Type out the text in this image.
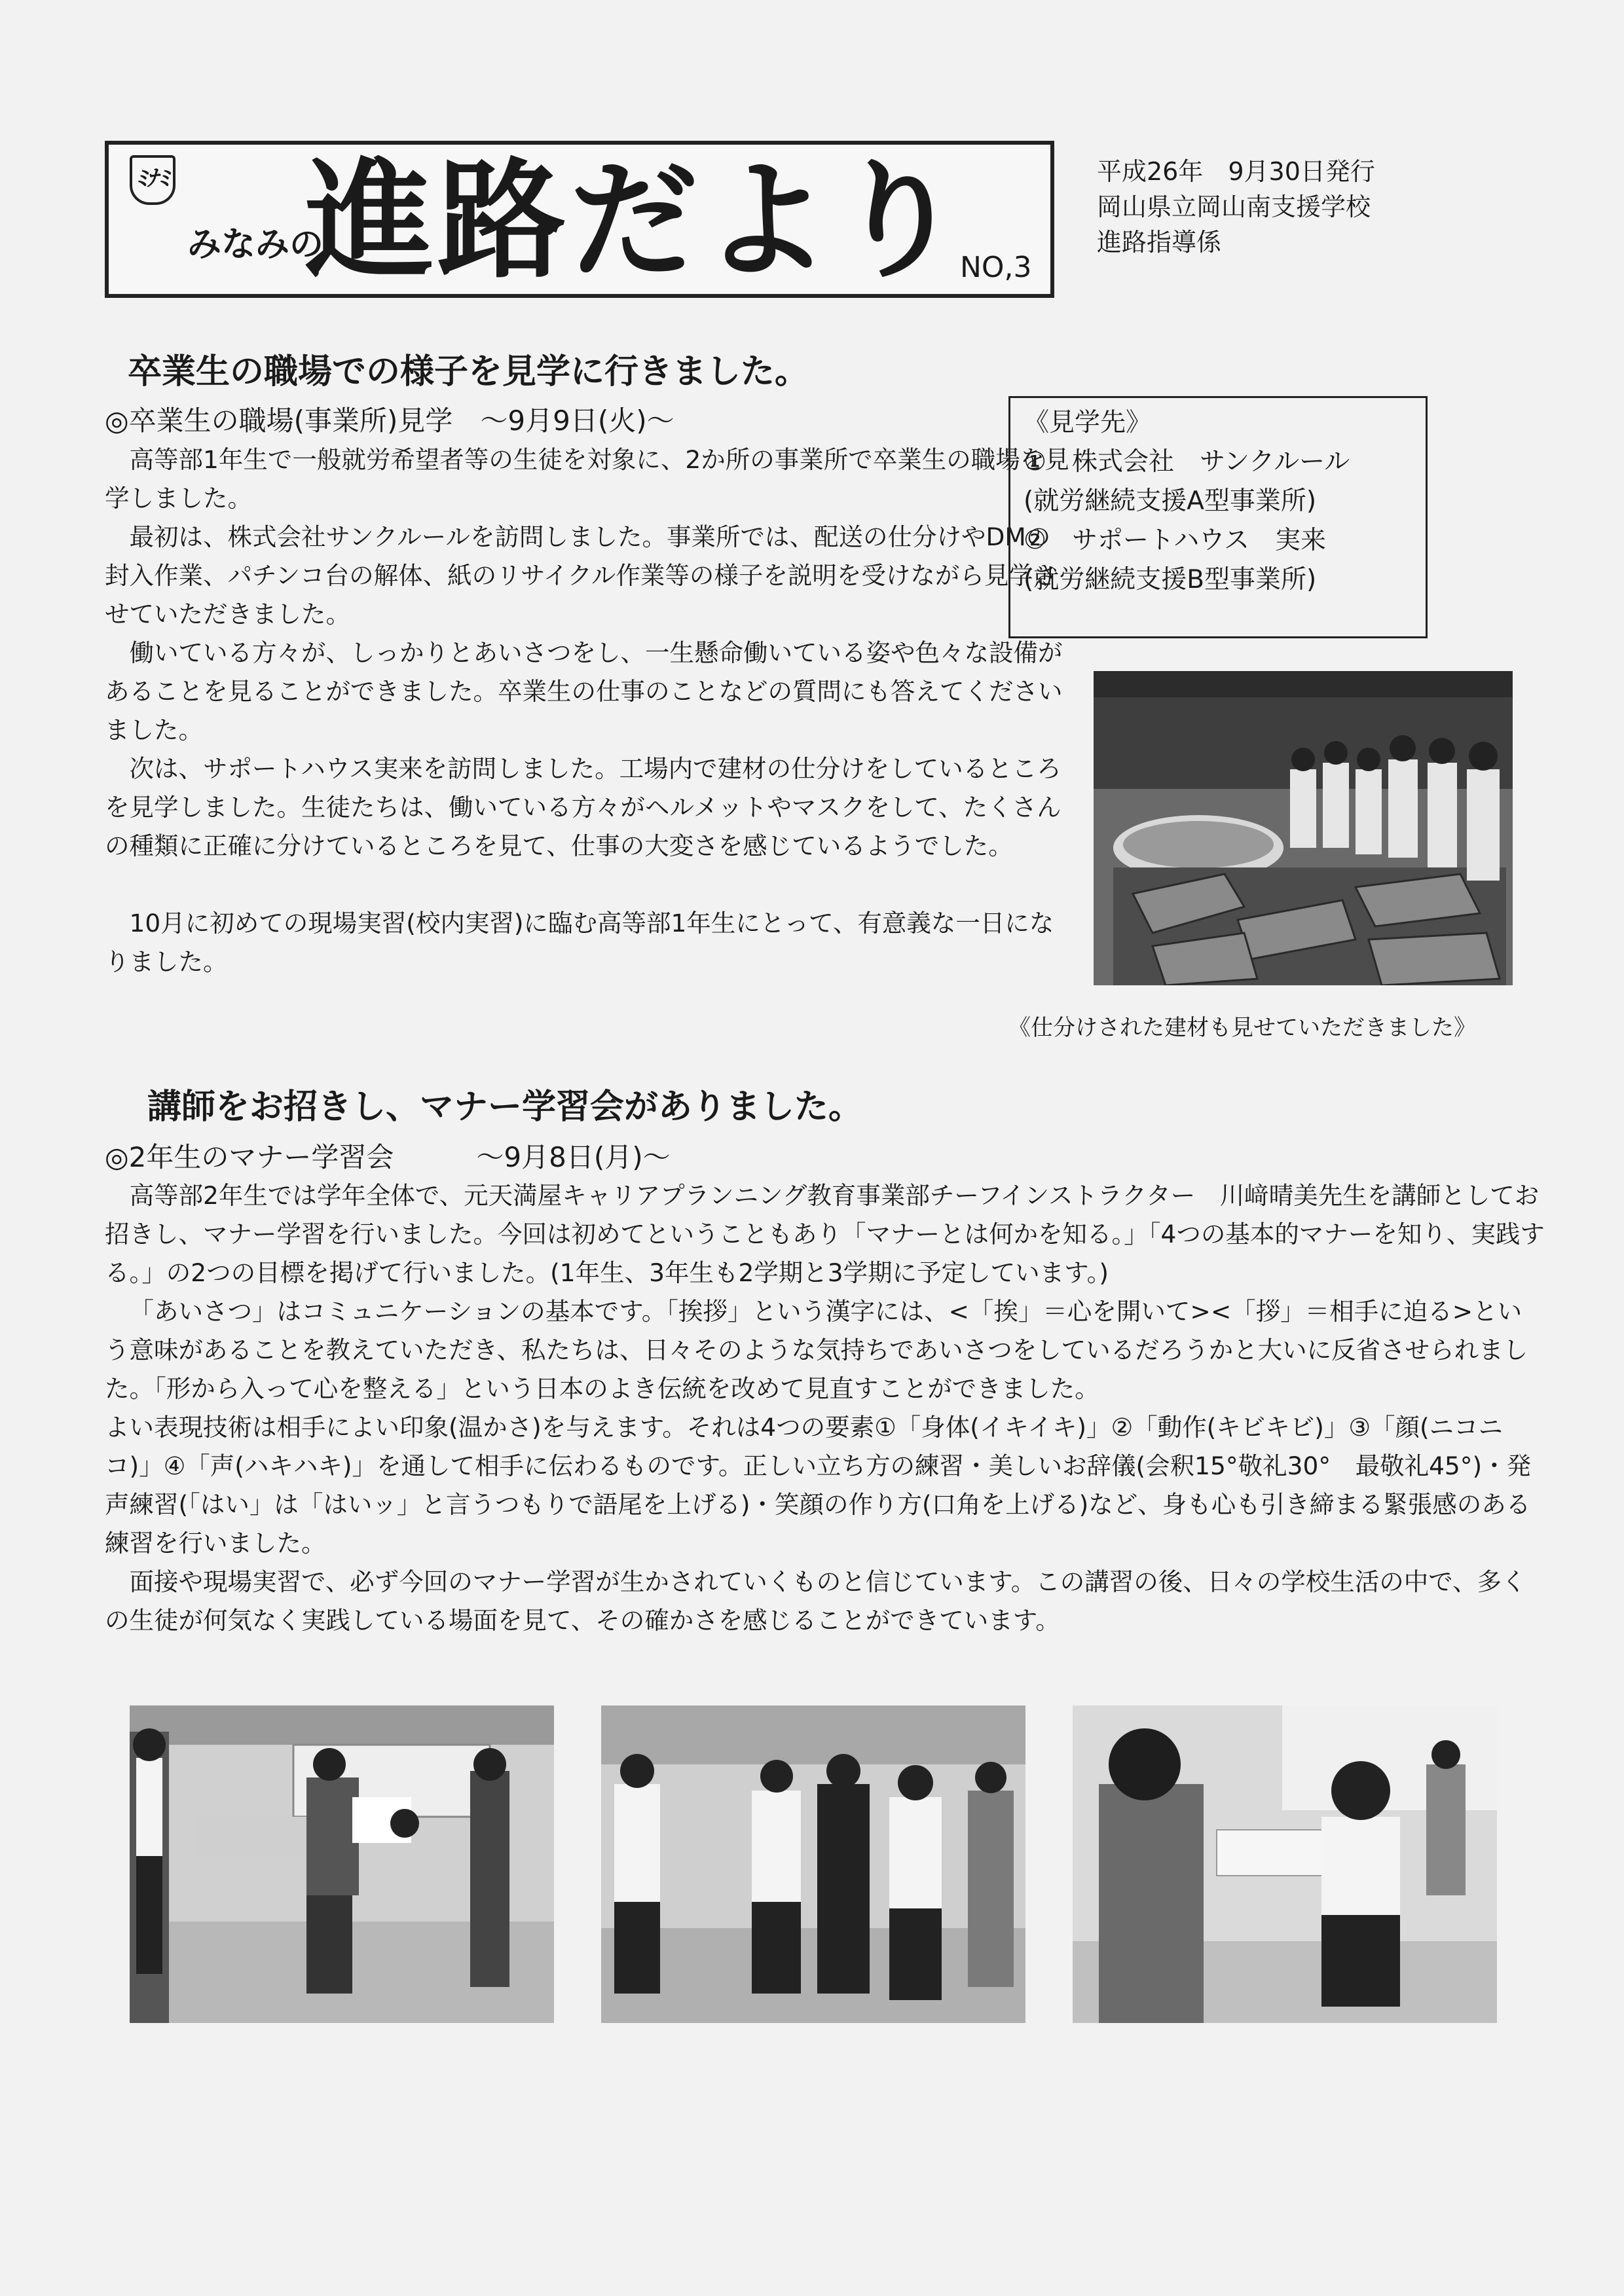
ﾐﾅﾐ
みなみの
進路だより
NO,3
平成26年　9月30日発行
岡山県立岡山南支援学校
進路指導係
卒業生の職場での様子を見学に行きました。
◎卒業生の職場(事業所)見学　～9月9日(火)～

高等部1年生で一般就労希望者等の生徒を対象に、2か所の事業所で卒業生の職場を見学しました。

最初は、株式会社サンクルールを訪問しました。事業所では、配送の仕分けやDMの封入作業、パチンコ台の解体、紙のリサイクル作業等の様子を説明を受けながら見学させていただきました。

働いている方々が、しっかりとあいさつをし、一生懸命働いている姿や色々な設備があることを見ることができました。卒業生の仕事のことなどの質問にも答えてくださいました。

次は、サポートハウス実来を訪問しました。工場内で建材の仕分けをしているところを見学しました。生徒たちは、働いている方々がヘルメットやマスクをして、たくさんの種類に正確に分けているところを見て、仕事の大変さを感じているようでした。

10月に初めての現場実習(校内実習)に臨む高等部1年生にとって、有意義な一日になりました。

《見学先》
①　株式会社　サンクルール
(就労継続支援A型事業所)
②　サポートハウス　実来
(就労継続支援B型事業所)
《仕分けされた建材も見せていただきました》
講師をお招きし、マナー学習会がありました。
◎2年生のマナー学習会　　　～9月8日(月)～

高等部2年生では学年全体で、元天満屋キャリアプランニング教育事業部チーフインストラクター　川﨑晴美先生を講師としてお招きし、マナー学習を行いました。今回は初めてということもあり「マナーとは何かを知る。」「4つの基本的マナーを知り、実践する。」の2つの目標を掲げて行いました。(1年生、3年生も2学期と3学期に予定しています。)

「あいさつ」はコミュニケーションの基本です。「挨拶」という漢字には、<「挨」＝心を開いて><「拶」＝相手に迫る>という意味があることを教えていただき、私たちは、日々そのような気持ちであいさつをしているだろうかと大いに反省させられました。「形から入って心を整える」という日本のよき伝統を改めて見直すことができました。

よい表現技術は相手によい印象(温かさ)を与えます。それは4つの要素①「身体(イキイキ)」②「動作(キビキビ)」③「顔(ニコニコ)」④「声(ハキハキ)」を通して相手に伝わるものです。正しい立ち方の練習・美しいお辞儀(会釈15°敬礼30°　最敬礼45°)・発声練習(「はい」は「はいッ」と言うつもりで語尾を上げる)・笑顔の作り方(口角を上げる)など、身も心も引き締まる緊張感のある練習を行いました。

面接や現場実習で、必ず今回のマナー学習が生かされていくものと信じています。この講習の後、日々の学校生活の中で、多くの生徒が何気なく実践している場面を見て、その確かさを感じることができています。
